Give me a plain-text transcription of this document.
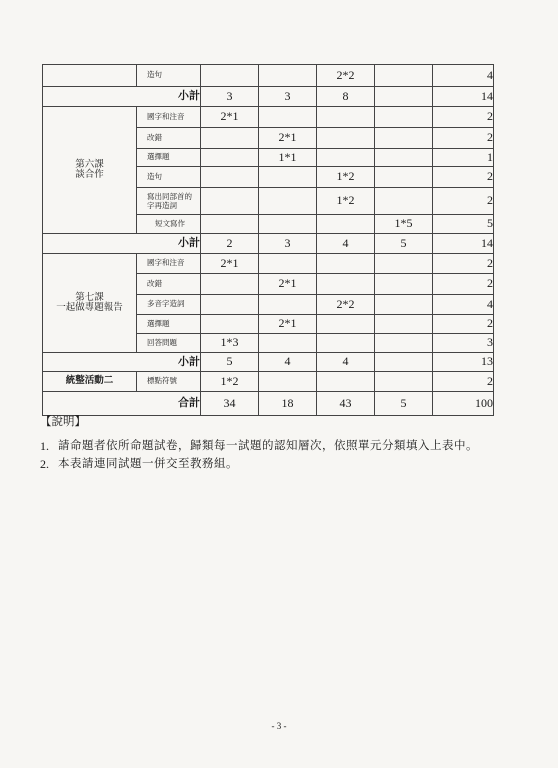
	造句			2*2		4
小計		3	3	8		14
第六課
談合作	國字和注音	2*1				2
	改錯		2*1			2
	選擇題		1*1			1
	造句			1*2		2
	寫出同部首的
字再造詞			1*2		2
	短文寫作				1*5	5
小計		2	3	4	5	14
第七課
一起做專題報告	國字和注音	2*1				2
	改錯		2*1			2
	多音字造詞			2*2		4
	選擇題		2*1			2
	回答問題	1*3				3
小計		5	4	4		13
統整活動二	標點符號	1*2				2
合計		34	18	43	5	100
【說明】
1. 請命題者依所命題試卷，歸類每一試題的認知層次，依照單元分類填入上表中。
2. 本表請連同試題一併交至教務組。
- 3 -
